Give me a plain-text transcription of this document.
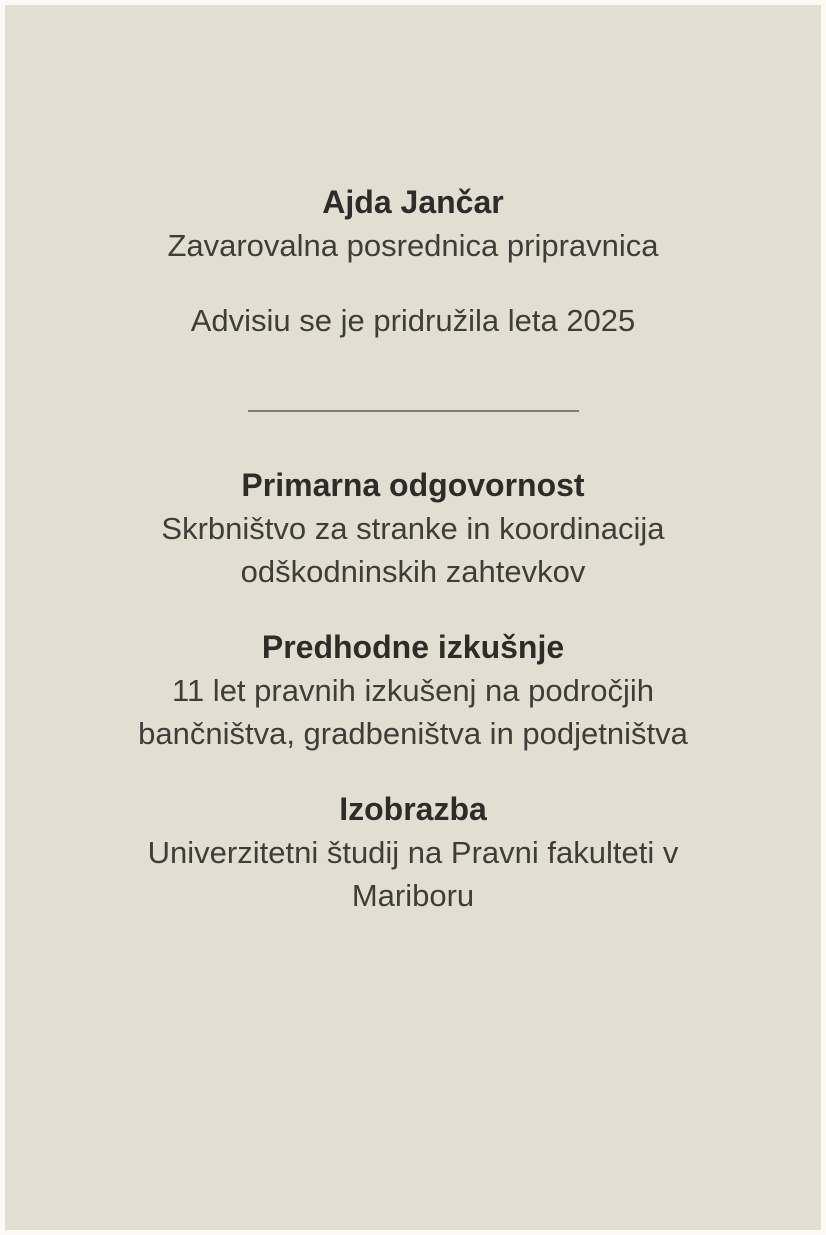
Ajda Jančar
Zavarovalna posrednica pripravnica
Advisiu se je pridružila leta 2025
Primarna odgovornost
Skrbništvo za stranke in koordinacija
odškodninskih zahtevkov
Predhodne izkušnje
11 let pravnih izkušenj na področjih
bančništva, gradbeništva in podjetništva
Izobrazba
Univerzitetni študij na Pravni fakulteti v
Mariboru
